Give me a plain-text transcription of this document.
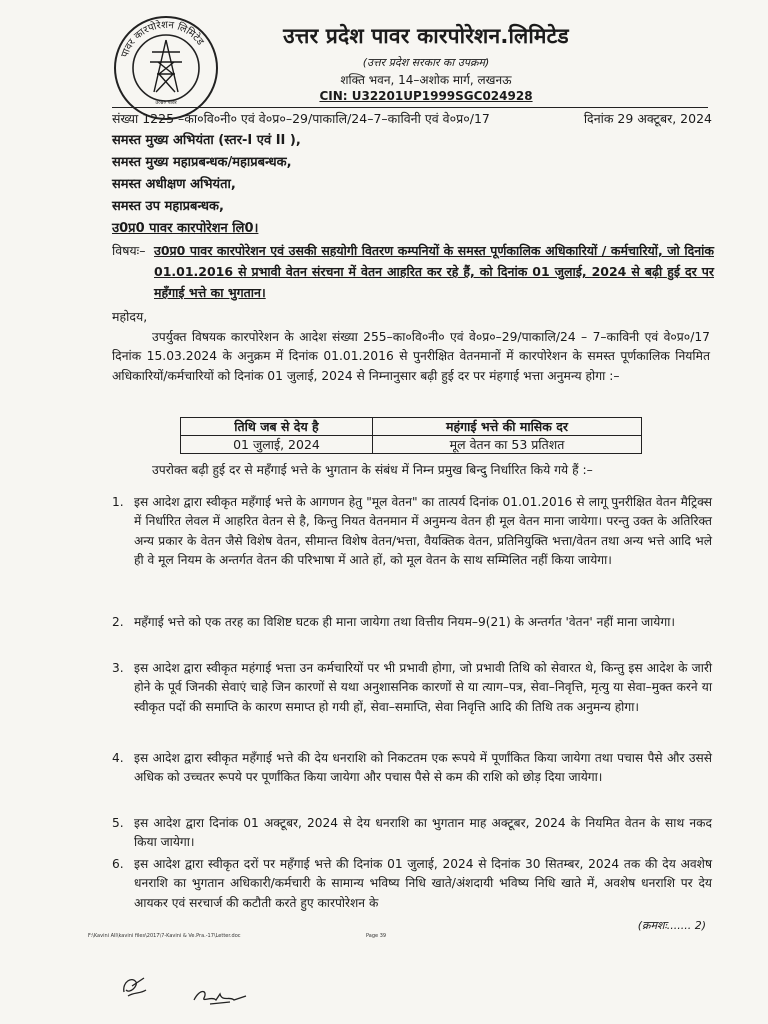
पावर कारपोरेशन लिमिटेड
उ०प्र० पावर
उत्तर प्रदेश पावर कारपोरेशन.लिमिटेड
(उत्तर प्रदेश सरकार का उपक्रम)
शक्ति भवन, 14–अशोक मार्ग, लखनऊ
CIN: U32201UP1999SGC024928
संख्या 1225 –का०वि०नी० एवं वे०प्र०–29/पाकालि/24–7–काविनी एवं वे०प्र०/17	दिनांक 29 अक्टूबर, 2024
समस्त मुख्य अभियंता (स्तर-I एवं II ),
समस्त मुख्य महाप्रबन्धक/महाप्रबन्धक,
समस्त अधीक्षण अभियंता,
समस्त उप महाप्रबन्धक,
उ0प्र0 पावर कारपोरेशन लि0।
विषयः– उ0प्र0 पावर कारपोरेशन एवं उसकी सहयोगी वितरण कम्पनियों के समस्त पूर्णकालिक अधिकारियों / कर्मचारियों, जो दिनांक 01.01.2016 से प्रभावी वेतन संरचना में वेतन आहरित कर रहे हैं, को दिनांक 01 जुलाई, 2024 से बढ़ी हुई दर पर महँगाई भत्ते का भुगतान।
महोदय,
उपर्युक्त विषयक कारपोरेशन के आदेश संख्या 255–का०वि०नी० एवं वे०प्र०–29/पाकालि/24 – 7–काविनी एवं वे०प्र०/17 दिनांक 15.03.2024 के अनुक्रम में दिनांक 01.01.2016 से पुनरीक्षित वेतनमानों में कारपोरेशन के समस्त पूर्णकालिक नियमित अधिकारियों/कर्मचारियों को दिनांक 01 जुलाई, 2024 से निम्नानुसार बढ़ी हुई दर पर मंहगाई भत्ता अनुमन्य होगा :–
तिथि जब से देय है	महंगाई भत्ते की मासिक दर
01 जुलाई, 2024	मूल वेतन का 53 प्रतिशत
उपरोक्त बढ़ी हुई दर से महँगाई भत्ते के भुगतान के संबंध में निम्न प्रमुख बिन्दु निर्धारित किये गये हैं :–
1. इस आदेश द्वारा स्वीकृत महँगाई भत्ते के आगणन हेतु "मूल वेतन" का तात्पर्य दिनांक 01.01.2016 से लागू पुनरीक्षित वेतन मैट्रिक्स में निर्धारित लेवल में आहरित वेतन से है, किन्तु नियत वेतनमान में अनुमन्य वेतन ही मूल वेतन माना जायेगा। परन्तु उक्त के अतिरिक्त अन्य प्रकार के वेतन जैसे विशेष वेतन, सीमान्त विशेष वेतन/भत्ता, वैयक्तिक वेतन, प्रतिनियुक्ति भत्ता/वेतन तथा अन्य भत्ते आदि भले ही वे मूल नियम के अन्तर्गत वेतन की परिभाषा में आते हों, को मूल वेतन के साथ सम्मिलित नहीं किया जायेगा।
2. महँगाई भत्ते को एक तरह का विशिष्ट घटक ही माना जायेगा तथा वित्तीय नियम–9(21) के अन्तर्गत 'वेतन' नहीं माना जायेगा।
3. इस आदेश द्वारा स्वीकृत महंगाई भत्ता उन कर्मचारियों पर भी प्रभावी होगा, जो प्रभावी तिथि को सेवारत थे, किन्तु इस आदेश के जारी होने के पूर्व जिनकी सेवाएं चाहे जिन कारणों से यथा अनुशासनिक कारणों से या त्याग–पत्र, सेवा–निवृत्ति, मृत्यु या सेवा–मुक्त करने या स्वीकृत पदों की समाप्ति के कारण समाप्त हो गयी हों, सेवा–समाप्ति, सेवा निवृत्ति आदि की तिथि तक अनुमन्य होगा।
4. इस आदेश द्वारा स्वीकृत महँगाई भत्ते की देय धनराशि को निकटतम एक रूपये में पूर्णांकित किया जायेगा तथा पचास पैसे और उससे अधिक को उच्चतर रूपये पर पूर्णांकित किया जायेगा और पचास पैसे से कम की राशि को छोड़ दिया जायेगा।
5. इस आदेश द्वारा दिनांक 01 अक्टूबर, 2024 से देय धनराशि का भुगतान माह अक्टूबर, 2024 के नियमित वेतन के साथ नकद किया जायेगा।
6. इस आदेश द्वारा स्वीकृत दरों पर महँगाई भत्ते की दिनांक 01 जुलाई, 2024 से दिनांक 30 सितम्बर, 2024 तक की देय अवशेष धनराशि का भुगतान अधिकारी/कर्मचारी के सामान्य भविष्य निधि खाते/अंशदायी भविष्य निधि खाते में, अवशेष धनराशि पर देय आयकर एवं सरचार्ज की कटौती करते हुए कारपोरेशन के
(क्रमशः....... 2)
F:\Kavini All\kavini files\2017\7-Kavini & Ve.Pra.-17\Letter.doc	Page 39
